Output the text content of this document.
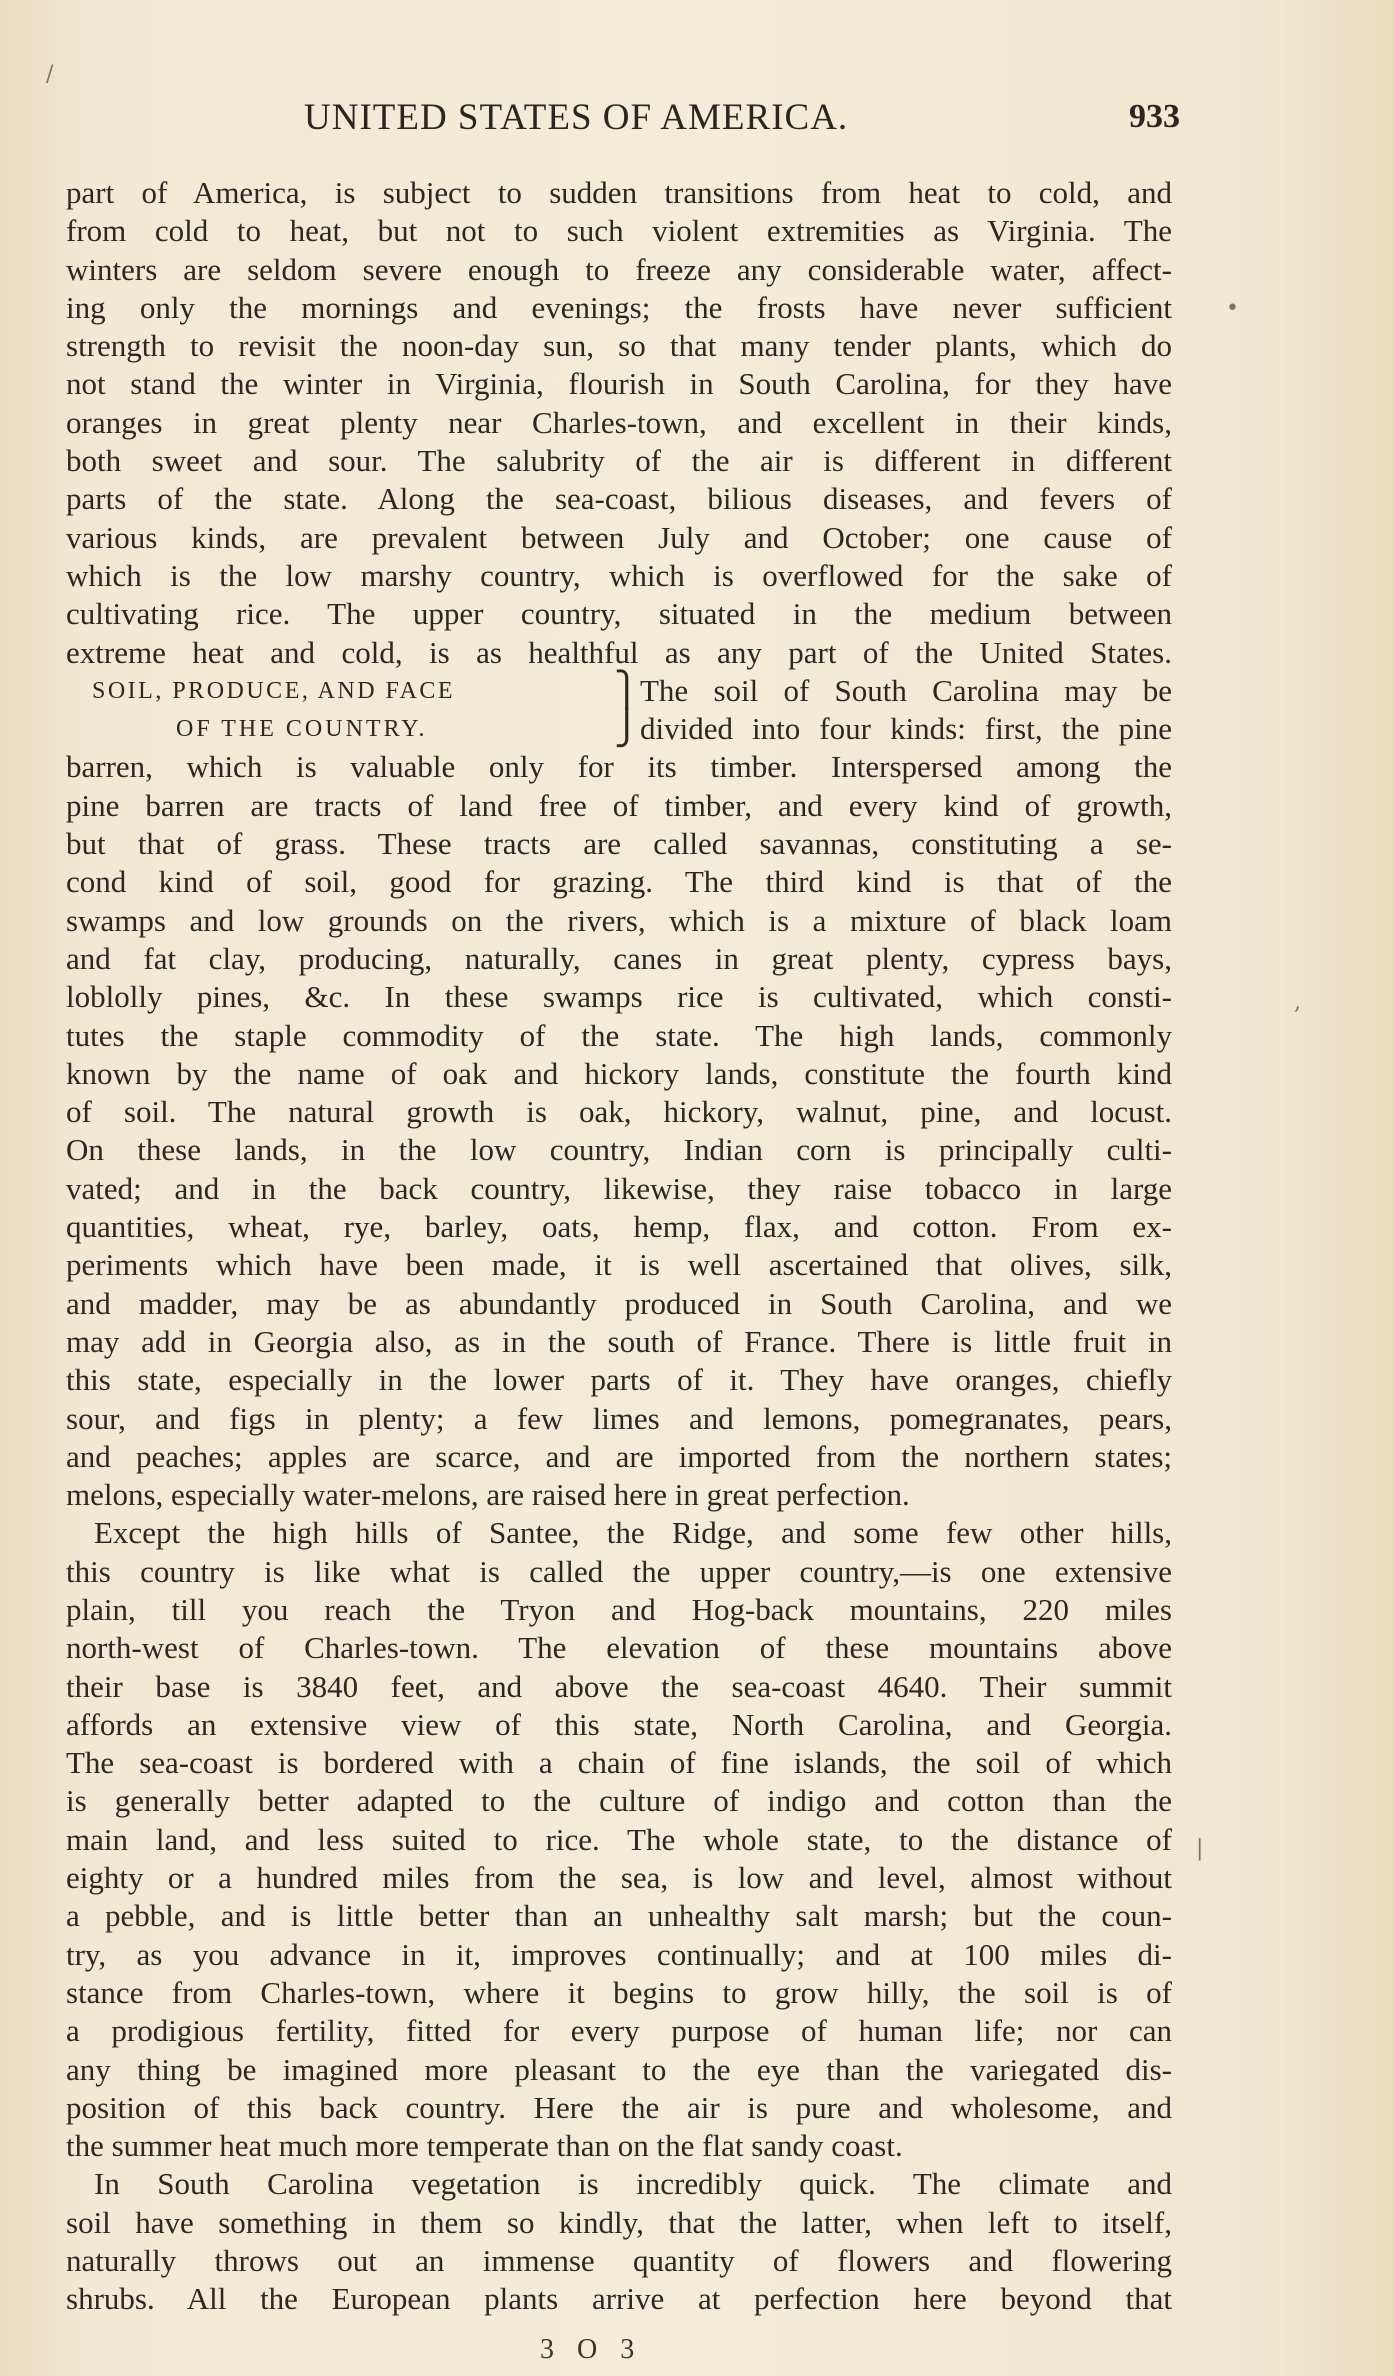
/
•
,
|
UNITED STATES OF AMERICA.	933
part of America, is subject to sudden transitions from heat to cold, and
from cold to heat, but not to such violent extremities as Virginia. The
winters are seldom severe enough to freeze any considerable water, affect-
ing only the mornings and evenings; the frosts have never sufficient
strength to revisit the noon-day sun, so that many tender plants, which do
not stand the winter in Virginia, flourish in South Carolina, for they have
oranges in great plenty near Charles-town, and excellent in their kinds,
both sweet and sour. The salubrity of the air is different in different
parts of the state. Along the sea-coast, bilious diseases, and fevers of
various kinds, are prevalent between July and October; one cause of
which is the low marshy country, which is overflowed for the sake of
cultivating rice. The upper country, situated in the medium between
extreme heat and cold, is as healthful as any part of the United States.
SOIL, PRODUCE, AND FACE	⎫ The soil of South Carolina may be
OF THE COUNTRY.	⎭ divided into four kinds: first, the pine
barren, which is valuable only for its timber. Interspersed among the
pine barren are tracts of land free of timber, and every kind of growth,
but that of grass. These tracts are called savannas, constituting a se-
cond kind of soil, good for grazing. The third kind is that of the
swamps and low grounds on the rivers, which is a mixture of black loam
and fat clay, producing, naturally, canes in great plenty, cypress bays,
loblolly pines, &c. In these swamps rice is cultivated, which consti-
tutes the staple commodity of the state. The high lands, commonly
known by the name of oak and hickory lands, constitute the fourth kind
of soil. The natural growth is oak, hickory, walnut, pine, and locust.
On these lands, in the low country, Indian corn is principally culti-
vated; and in the back country, likewise, they raise tobacco in large
quantities, wheat, rye, barley, oats, hemp, flax, and cotton. From ex-
periments which have been made, it is well ascertained that olives, silk,
and madder, may be as abundantly produced in South Carolina, and we
may add in Georgia also, as in the south of France. There is little fruit in
this state, especially in the lower parts of it. They have oranges, chiefly
sour, and figs in plenty; a few limes and lemons, pomegranates, pears,
and peaches; apples are scarce, and are imported from the northern states;
melons, especially water-melons, are raised here in great perfection.
Except the high hills of Santee, the Ridge, and some few other hills,
this country is like what is called the upper country,—is one extensive
plain, till you reach the Tryon and Hog-back mountains, 220 miles
north-west of Charles-town. The elevation of these mountains above
their base is 3840 feet, and above the sea-coast 4640. Their summit
affords an extensive view of this state, North Carolina, and Georgia.
The sea-coast is bordered with a chain of fine islands, the soil of which
is generally better adapted to the culture of indigo and cotton than the
main land, and less suited to rice. The whole state, to the distance of
eighty or a hundred miles from the sea, is low and level, almost without
a pebble, and is little better than an unhealthy salt marsh; but the coun-
try, as you advance in it, improves continually; and at 100 miles di-
stance from Charles-town, where it begins to grow hilly, the soil is of
a prodigious fertility, fitted for every purpose of human life; nor can
any thing be imagined more pleasant to the eye than the variegated dis-
position of this back country. Here the air is pure and wholesome, and
the summer heat much more temperate than on the flat sandy coast.
In South Carolina vegetation is incredibly quick. The climate and
soil have something in them so kindly, that the latter, when left to itself,
naturally throws out an immense quantity of flowers and flowering
shrubs. All the European plants arrive at perfection here beyond that
3 O 3
